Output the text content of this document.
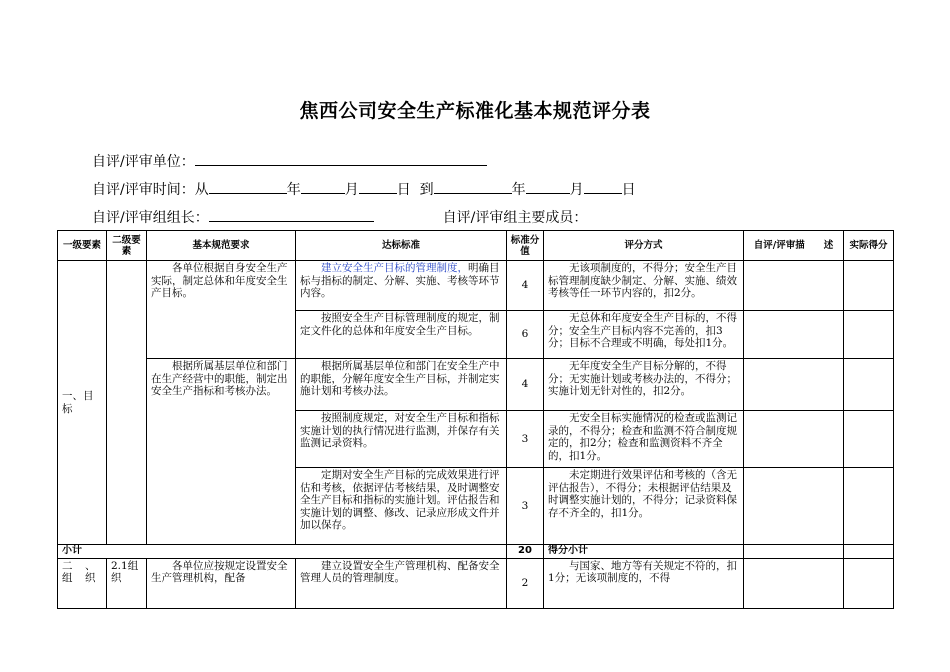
焦西公司安全生产标准化基本规范评分表
自评/评审单位：
自评/评审时间：从	年	月	日 到	年	月	日
自评/评审组组长：	自评/评审组主要成员：
一级要素	二级要素	基本规范要求	达标标准	标准分值	评分方式	自评/评审描　　述	实际得分
一、目标		各单位根据自身安全生产实际，制定总体和年度安全生产目标。	建立安全生产目标的管理制度，明确目标与指标的制定、分解、实施、考核等环节内容。	4	无该项制度的，不得分；安全生产目标管理制度缺少制定、分解、实施、绩效考核等任一环节内容的，扣2分。		
			按照安全生产目标管理制度的规定，制定文件化的总体和年度安全生产目标。	6	无总体和年度安全生产目标的，不得分；安全生产目标内容不完善的，扣3分；目标不合理或不明确，每处扣1分。		
		根据所属基层单位和部门在生产经营中的职能，制定出安全生产指标和考核办法。	根据所属基层单位和部门在安全生产中的职能，分解年度安全生产目标，并制定实施计划和考核办法。	4	无年度安全生产目标分解的，不得分；无实施计划或考核办法的，不得分；实施计划无针对性的，扣2分。		
			按照制度规定，对安全生产目标和指标实施计划的执行情况进行监测，并保存有关监测记录资料。	3	无安全目标实施情况的检查或监测记录的，不得分；检查和监测不符合制度规定的，扣2分；检查和监测资料不齐全的，扣1分。		
			定期对安全生产目标的完成效果进行评估和考核，依据评估考核结果，及时调整安全生产目标和指标的实施计划。评估报告和实施计划的调整、修改、记录应形成文件并加以保存。	3	未定期进行效果评估和考核的（含无评估报告），不得分；未根据评估结果及时调整实施计划的，不得分；记录资料保存不齐全的，扣1分。		
小计				20	得分小计		
二　、组　织	2.1组织	各单位应按规定设置安全生产管理机构，配备	建立设置安全生产管理机构、配备安全管理人员的管理制度。	2	与国家、地方等有关规定不符的，扣1分；无该项制度的，不得		
